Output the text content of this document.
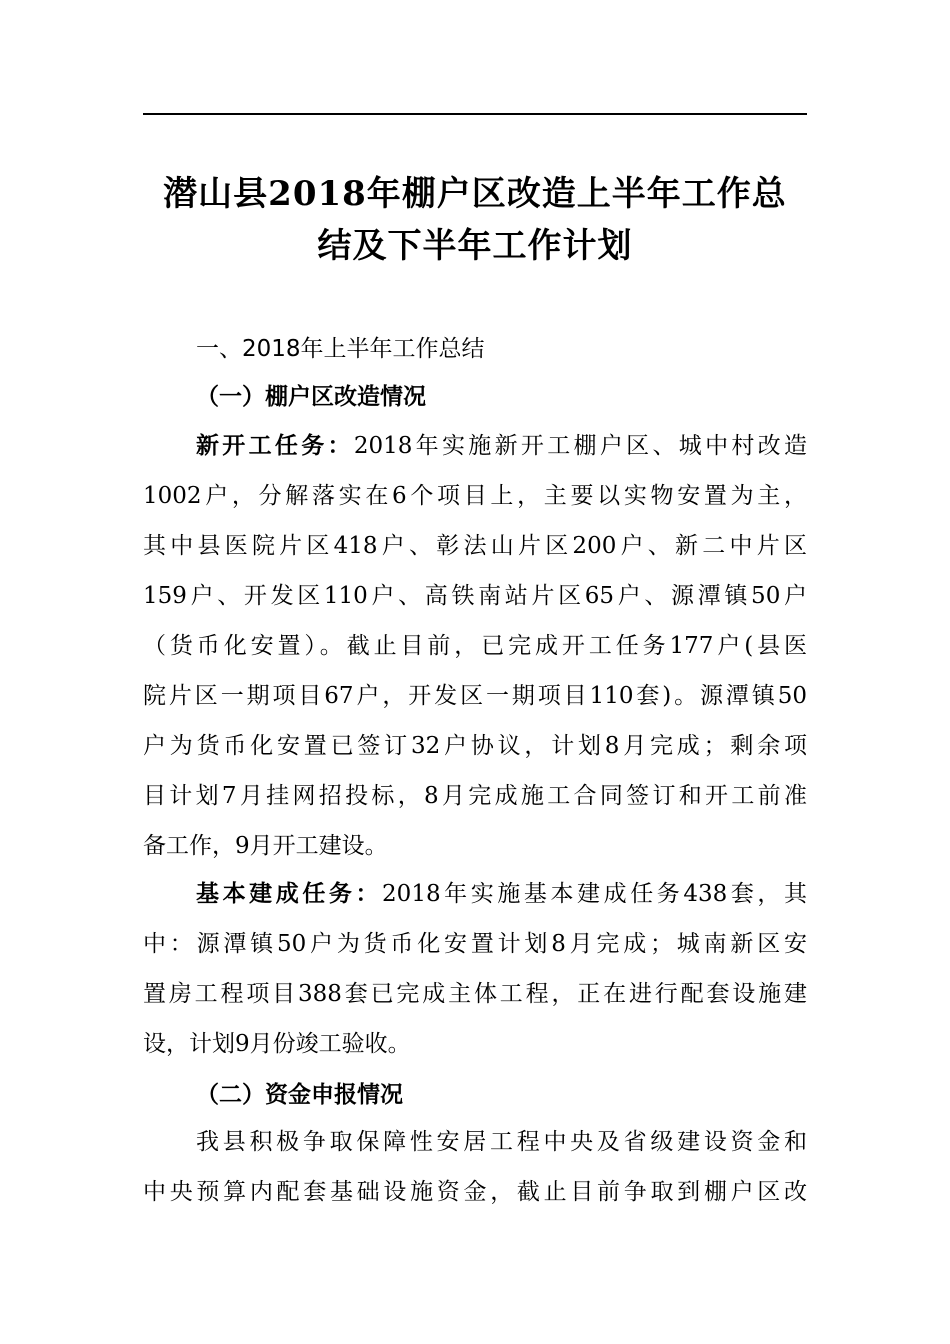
潜山县2018年棚户区改造上半年工作总
结及下半年工作计划
一、2018年上半年工作总结
（一）棚户区改造情况
新开工任务：2018年实施新开工棚户区、城中村改造
1002户，分解落实在6个项目上，主要以实物安置为主，
其中县医院片区418户、彰法山片区200户、新二中片区
159户、开发区110户、高铁南站片区65户、源潭镇50户
（货币化安置）。截止目前，已完成开工任务177户(县医
院片区一期项目67户，开发区一期项目110套)。源潭镇50
户为货币化安置已签订32户协议，计划8月完成；剩余项
目计划7月挂网招投标，8月完成施工合同签订和开工前准
备工作，9月开工建设。
基本建成任务：2018年实施基本建成任务438套，其
中：源潭镇50户为货币化安置计划8月完成；城南新区安
置房工程项目388套已完成主体工程，正在进行配套设施建
设，计划9月份竣工验收。
（二）资金申报情况
我县积极争取保障性安居工程中央及省级建设资金和
中央预算内配套基础设施资金，截止目前争取到棚户区改
